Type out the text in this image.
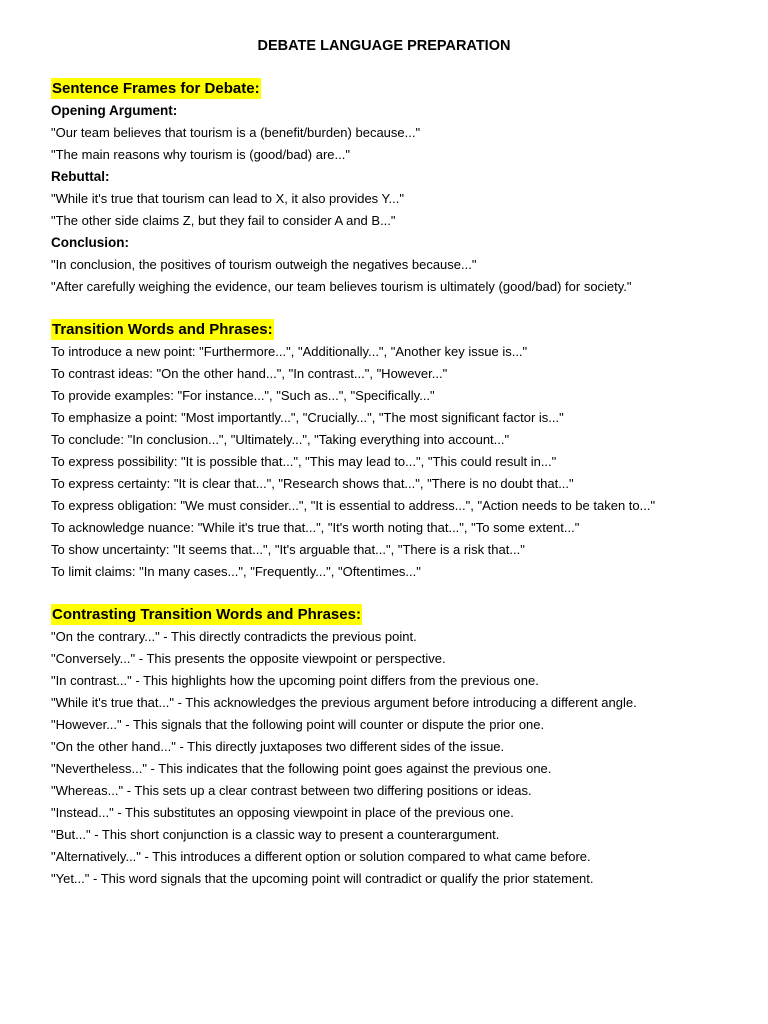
DEBATE LANGUAGE PREPARATION
Sentence Frames for Debate:
Opening Argument:
"Our team believes that tourism is a (benefit/burden) because..."
"The main reasons why tourism is (good/bad) are..."
Rebuttal:
"While it's true that tourism can lead to X, it also provides Y..."
"The other side claims Z, but they fail to consider A and B..."
Conclusion:
"In conclusion, the positives of tourism outweigh the negatives because..."
"After carefully weighing the evidence, our team believes tourism is ultimately (good/bad) for society."
Transition Words and Phrases:
To introduce a new point: "Furthermore...", "Additionally...", "Another key issue is..."
To contrast ideas: "On the other hand...", "In contrast...", "However..."
To provide examples: "For instance...", "Such as...", "Specifically..."
To emphasize a point: "Most importantly...", "Crucially...", "The most significant factor is..."
To conclude: "In conclusion...", "Ultimately...", "Taking everything into account..."
To express possibility: "It is possible that...", "This may lead to...", "This could result in..."
To express certainty: "It is clear that...", "Research shows that...", "There is no doubt that..."
To express obligation: "We must consider...", "It is essential to address...", "Action needs to be taken to..."
To acknowledge nuance: "While it's true that...", "It's worth noting that...", "To some extent..."
To show uncertainty: "It seems that...", "It's arguable that...", "There is a risk that..."
To limit claims: "In many cases...", "Frequently...", "Oftentimes..."
Contrasting Transition Words and Phrases:
"On the contrary..." - This directly contradicts the previous point.
"Conversely..." - This presents the opposite viewpoint or perspective.
"In contrast..." - This highlights how the upcoming point differs from the previous one.
"While it's true that..." - This acknowledges the previous argument before introducing a different angle.
"However..." - This signals that the following point will counter or dispute the prior one.
"On the other hand..." - This directly juxtaposes two different sides of the issue.
"Nevertheless..." - This indicates that the following point goes against the previous one.
"Whereas..." - This sets up a clear contrast between two differing positions or ideas.
"Instead..." - This substitutes an opposing viewpoint in place of the previous one.
"But..." - This short conjunction is a classic way to present a counterargument.
"Alternatively..." - This introduces a different option or solution compared to what came before.
"Yet..." - This word signals that the upcoming point will contradict or qualify the prior statement.
